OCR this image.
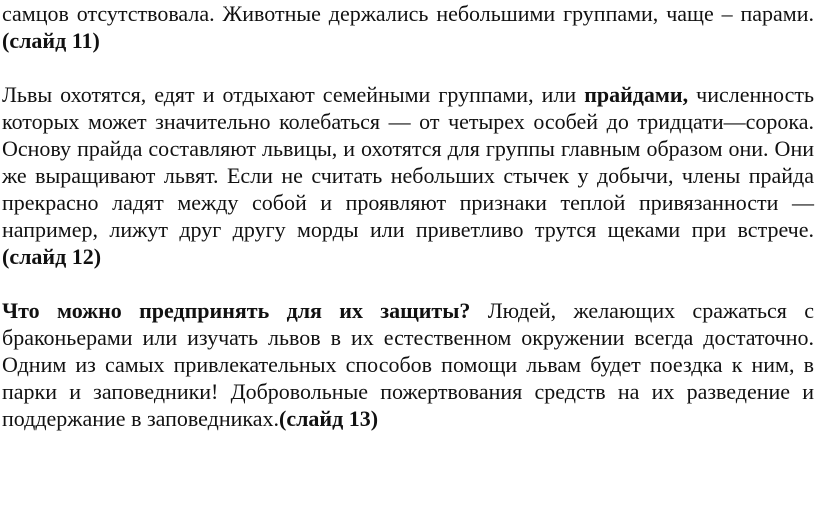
самцов отсутствовала. Животные держались небольшими группами, чаще – парами. (слайд 11)

Львы охотятся, едят и отдыхают семейными группами, или прайдами, численность которых может значительно колебаться — от четырех особей до тридцати—сорока. Основу прайда составляют львицы, и охотятся для группы главным образом они. Они же выращивают львят. Если не считать небольших стычек у добычи, члены прайда прекрасно ладят между собой и проявляют признаки теплой привязанности — например, лижут друг другу морды или приветливо трутся щеками при встрече. (слайд 12)

Что можно предпринять для их защиты? Людей, желающих сражаться с браконьерами или изучать львов в их естественном окружении всегда достаточно. Одним из самых привлекательных способов помощи львам будет поездка к ним, в парки и заповедники! Добровольные пожертвования средств на их разведение и поддержание в заповедниках.(слайд 13)
